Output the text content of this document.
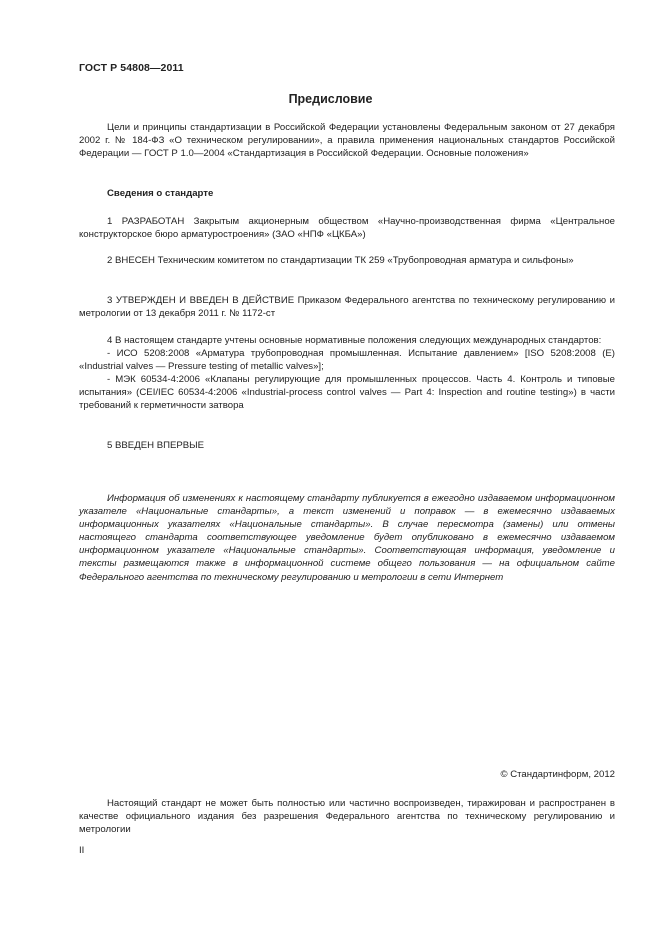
ГОСТ Р 54808—2011
Предисловие

Цели и принципы стандартизации в Российской Федерации установлены Федеральным законом от 27 декабря 2002 г. № 184-ФЗ «О техническом регулировании», а правила применения национальных стандартов Российской Федерации — ГОСТ Р 1.0—2004 «Стандартизация в Российской Федерации. Основные положения»

Сведения о стандарте

1 РАЗРАБОТАН Закрытым акционерным обществом «Научно-производственная фирма «Центральное конструкторское бюро арматуростроения» (ЗАО «НПФ «ЦКБА»)

2 ВНЕСЕН Техническим комитетом по стандартизации ТК 259 «Трубопроводная арматура и сильфоны»

3 УТВЕРЖДЕН И ВВЕДЕН В ДЕЙСТВИЕ Приказом Федерального агентства по техническому регулированию и метрологии от 13 декабря 2011 г. № 1172-ст

4 В настоящем стандарте учтены основные нормативные положения следующих международных стандартов:

- ИСО 5208:2008 «Арматура трубопроводная промышленная. Испытание давлением» [ISO 5208:2008 (E) «Industrial valves — Pressure testing of metallic valves»];

- МЭК 60534-4:2006 «Клапаны регулирующие для промышленных процессов. Часть 4. Контроль и типовые испытания» (CEI/IEC 60534-4:2006 «Industrial-process control valves — Part 4: Inspection and routine testing») в части требований к герметичности затвора

5 ВВЕДЕН ВПЕРВЫЕ

Информация об изменениях к настоящему стандарту публикуется в ежегодно издаваемом информационном указателе «Национальные стандарты», а текст изменений и поправок — в ежемесячно издаваемых информационных указателях «Национальные стандарты». В случае пересмотра (замены) или отмены настоящего стандарта соответствующее уведомление будет опубликовано в ежемесячно издаваемом информационном указателе «Национальные стандарты». Соответствующая информация, уведомление и тексты размещаются также в информационной системе общего пользования — на официальном сайте Федерального агентства по техническому регулированию и метрологии в сети Интернет

© Стандартинформ, 2012

Настоящий стандарт не может быть полностью или частично воспроизведен, тиражирован и распространен в качестве официального издания без разрешения Федерального агентства по техническому регулированию и метрологии

II
